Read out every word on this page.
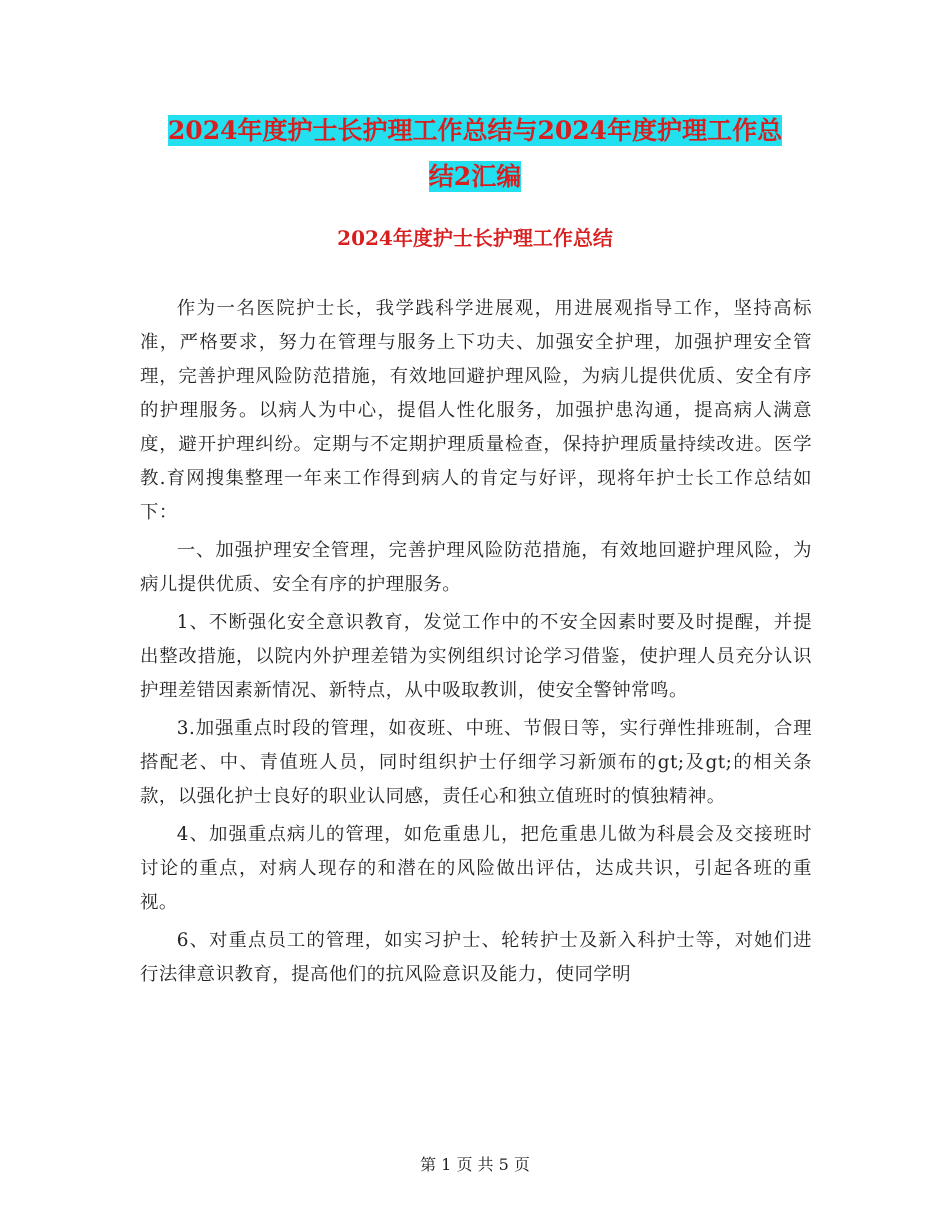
2024年度护士长护理工作总结与2024年度护理工作总
结2汇编
2024年度护士长护理工作总结

作为一名医院护士长，我学践科学进展观，用进展观指导工作，坚持高标准，严格要求，努力在管理与服务上下功夫、加强安全护理，加强护理安全管理，完善护理风险防范措施，有效地回避护理风险，为病儿提供优质、安全有序的护理服务。以病人为中心，提倡人性化服务，加强护患沟通，提高病人满意度，避开护理纠纷。定期与不定期护理质量检查，保持护理质量持续改进。医学教.育网搜集整理一年来工作得到病人的肯定与好评，现将年护士长工作总结如下：

一、加强护理安全管理，完善护理风险防范措施，有效地回避护理风险，为病儿提供优质、安全有序的护理服务。

1、不断强化安全意识教育，发觉工作中的不安全因素时要及时提醒，并提出整改措施，以院内外护理差错为实例组织讨论学习借鉴，使护理人员充分认识护理差错因素新情况、新特点，从中吸取教训，使安全警钟常鸣。

3.加强重点时段的管理，如夜班、中班、节假日等，实行弹性排班制，合理搭配老、中、青值班人员，同时组织护士仔细学习新颁布的gt;及gt;的相关条款，以强化护士良好的职业认同感，责任心和独立值班时的慎独精神。

4、加强重点病儿的管理，如危重患儿，把危重患儿做为科晨会及交接班时讨论的重点，对病人现存的和潜在的风险做出评估，达成共识，引起各班的重视。

6、对重点员工的管理，如实习护士、轮转护士及新入科护士等，对她们进行法律意识教育，提高他们的抗风险意识及能力，使同学明

第 1 页 共 5 页
